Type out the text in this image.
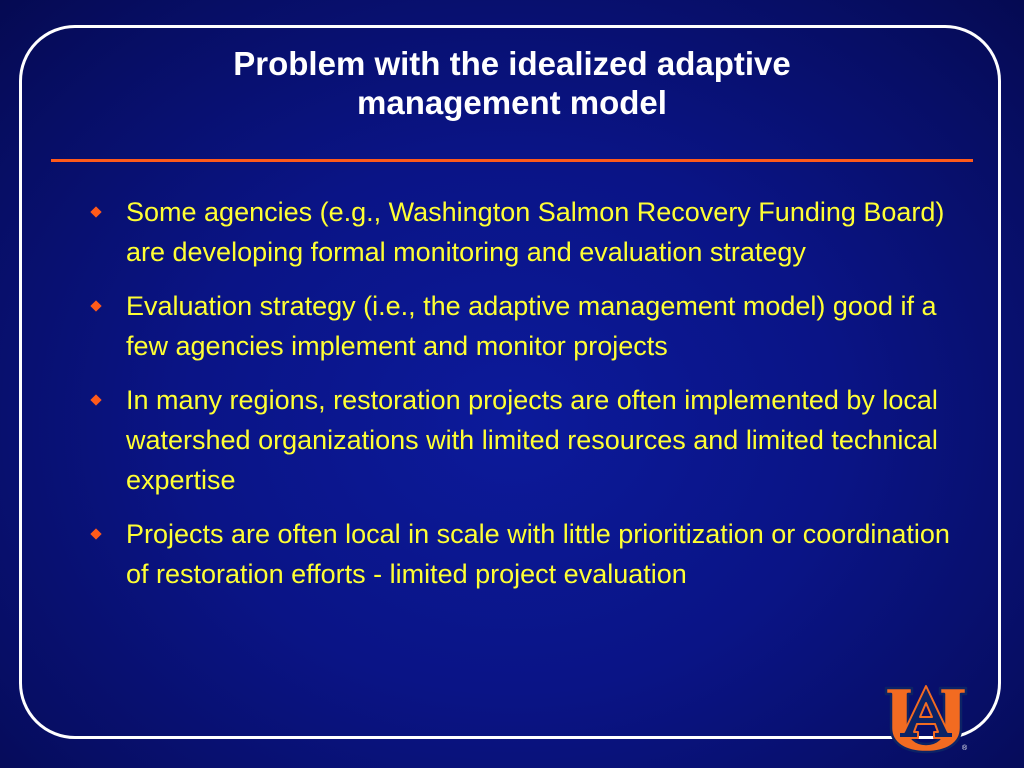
Problem with the idealized adaptive
management model
Some agencies (e.g., Washington Salmon Recovery Funding Board) are developing formal monitoring and evaluation strategy
Evaluation strategy (i.e., the adaptive management model) good if a few agencies implement and monitor projects
In many regions, restoration projects are often implemented by local watershed organizations with limited resources and limited technical expertise
Projects are often local in scale with little prioritization or coordination of restoration efforts - limited project evaluation
®
